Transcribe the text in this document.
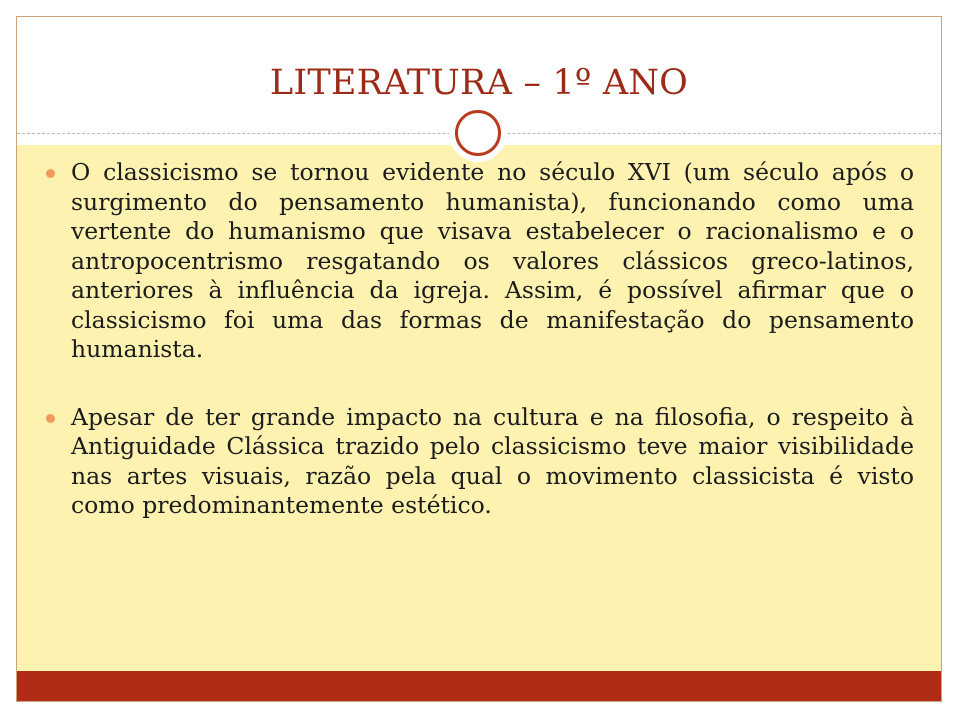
LITERATURA – 1º ANO
O classicismo se tornou evidente no século XVI (um século após o surgimento do pensamento humanista), funcionando como uma vertente do humanismo que visava estabelecer o racionalismo e o antropocentrismo resgatando os valores clássicos greco-latinos, anteriores à influência da igreja. Assim, é possível afirmar que o classicismo foi uma das formas de manifestação do pensamento humanista.
Apesar de ter grande impacto na cultura e na filosofia, o respeito à Antiguidade Clássica trazido pelo classicismo teve maior visibilidade nas artes visuais, razão pela qual o movimento classicista é visto como predominantemente estético.
